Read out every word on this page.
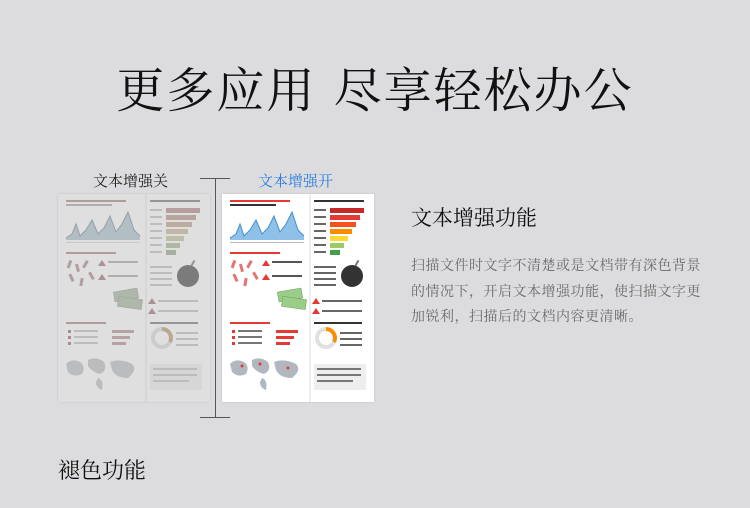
更多应用 尽享轻松办公
文本增强关	文本增强开
文本增强功能
扫描文件时文字不清楚或是文档带有深色背景的情况下，开启文本增强功能，使扫描文字更加锐利，扫描后的文档内容更清晰。
褪色功能
